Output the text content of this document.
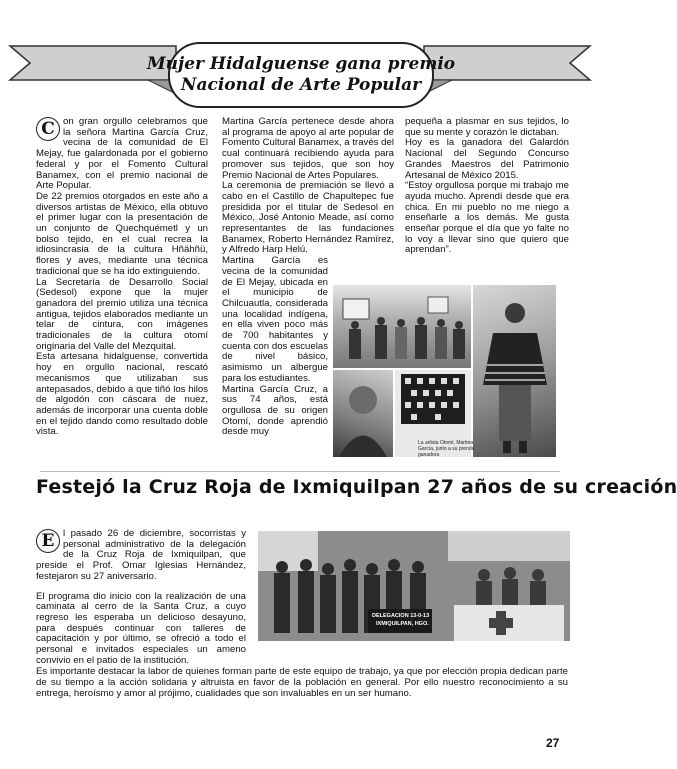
Mujer Hidalguense gana premio
Nacional de Arte Popular

C on gran orgullo celebramos que la señora Martina García Cruz, vecina de la comunidad de El Mejay, fue galardonada por el gobierno federal y por el Fomento Cultural Banamex, con el premio nacional de Arte Popular.

De 22 premios otorgados en este año a diversos artistas de México, ella obtuvo el primer lugar con la presentación de un conjunto de Quechquémetl y un bolso tejido, en el cual recrea la idiosincrasia de la cultura Hñähñü, flores y aves, mediante una técnica tradicional que se ha ido extinguiendo.

La Secretaría de Desarrollo Social (Sedesol) expone que la mujer ganadora del premio utiliza una técnica antigua, tejidos elaborados mediante un telar de cintura, con imágenes tradicionales de la cultura otomí originaria del Valle del Mezquital.

Esta artesana hidalguense, convertida hoy en orgullo nacional, rescató mecanismos que utilizaban sus antepasados, debido a que tiñó los hilos de algodón con cáscara de nuez, además de incorporar una cuenta doble en el tejido dando como resultado doble vista.

Martina García pertenece desde ahora al programa de apoyo al arte popular de Fomento Cultural Banamex, a través del cual continuará recibiendo ayuda para promover sus tejidos, que son hoy Premio Nacional de Artes Populares.

La ceremonia de premiación se llevó a cabo en el Castillo de Chapultepec fue presidida por el titular de Sedesol en México, José Antonio Meade, así como representantes de las fundaciones Banamex, Roberto Hernández Ramírez, y Alfredo Harp Helú.

Martina García es vecina de la comunidad de El Mejay, ubicada en el municipio de Chilcuautla, considerada una localidad indígena, en ella viven poco más de 700 habitantes y cuenta con dos escuelas de nivel básico, asimismo un albergue para los estudiantes.

Martina García Cruz, a sus 74 años, está orgullosa de su origen Otomí, donde aprendió desde muy

pequeña a plasmar en sus tejidos, lo que su mente y corazón le dictaban.

Hoy es la ganadora del Galardón Nacional del Segundo Concurso Grandes Maestros del Patrimonio Artesanal de México 2015.

“Estoy orgullosa porque mi trabajo me ayuda mucho. Aprendí desde que era chica. En mi pueblo no me niego a enseñarle a los demás. Me gusta enseñar porque el día que yo falte no lo voy a llevar sino que quiero que aprendan”.

La artista Otomí, Martina García, junto a su prenda ganadora
Festejó la Cruz Roja de Ixmiquilpan 27 años de su creación

E l pasado 26 de diciembre, socorristas y personal administrativo de la delegación de la Cruz Roja de Ixmiquilpan, que preside el Prof. Omar Iglesias Hernández, festejaron su 27 aniversario.

El programa dio inicio con la realización de una caminata al cerro de la Santa Cruz, a cuyo regreso les esperaba un delicioso desayuno, para después continuar con talleres de capacitación y por último, se ofreció a todo el personal e invitados especiales un ameno convivio en el patio de la institución.

DELEGACION 13-0-13
IXMIQUILPAN, HGO.

Es importante destacar la labor de quienes forman parte de este equipo de trabajo, ya que por elección propia dedican parte de su tiempo a la acción solidaria y altruista en favor de la población en general. Por ello nuestro reconocimiento a su entrega, heroísmo y amor al prójimo, cualidades que son invaluables en un ser humano.

27
